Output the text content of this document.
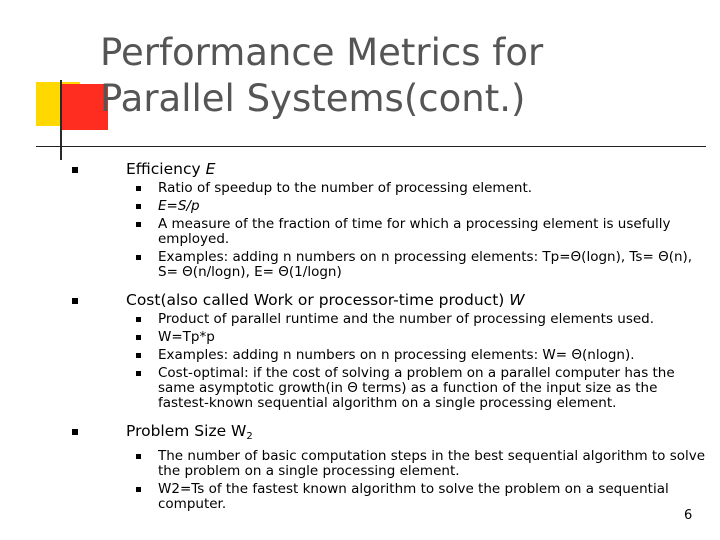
Performance Metrics for
Parallel Systems(cont.)
Efficiency E
Ratio of speedup to the number of processing element.
E=S/p
A measure of the fraction of time for which a processing element is usefully employed.
Examples: adding n numbers on n processing elements: Tp=Θ(logn), Ts= Θ(n), S= Θ(n/logn), E= Θ(1/logn)
Cost(also called Work or processor-time product) W
Product of parallel runtime and the number of processing elements used.
W=Tp*p
Examples: adding n numbers on n processing elements: W= Θ(nlogn).
Cost-optimal: if the cost of solving a problem on a parallel computer has the same asymptotic growth(in Θ terms) as a function of the input size as the fastest-known sequential algorithm on a single processing element.
Problem Size $W_2$
The number of basic computation steps in the best sequential algorithm to solve the problem on a single processing element.
W2=Ts of the fastest known algorithm to solve the problem on a sequential computer.
6
